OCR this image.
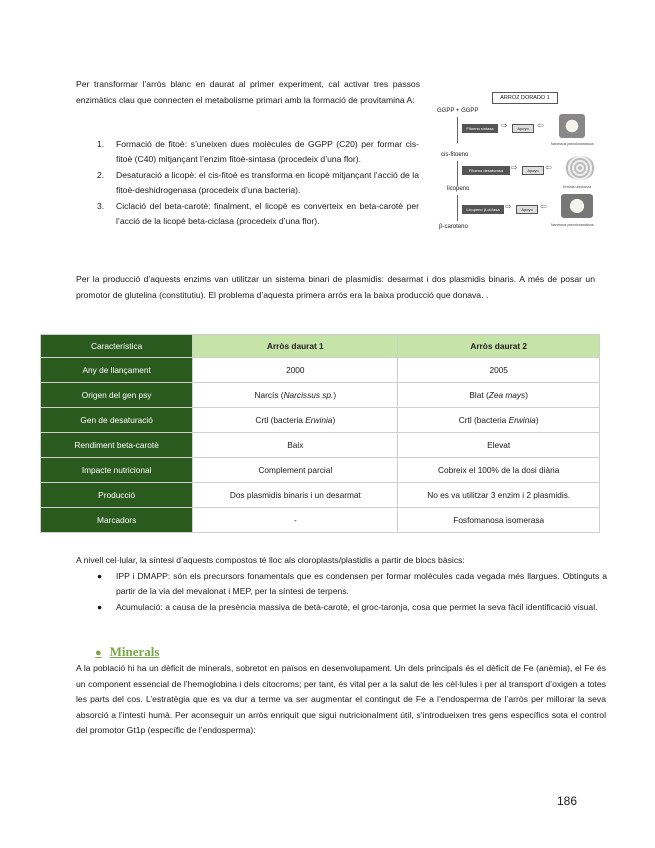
Per transformar l’arròs blanc en daurat al primer experiment, cal activar tres passos enzimàtics clau que connecten el metabolisme primari amb la formació de provitamina A:
1. Formació de fitoè: s’uneixen dues molècules de GGPP (C20) per formar cis-fitoè (C40) mitjançant l’enzim fitoè-sintasa (procedeix d’una flor).
2. Desaturació a licopè: el cis-fitoè es transforma en licopè mitjançant l’acció de la fitoè-deshidrogenasa (procedeix d’una bacteria).
3. Ciclació del beta-carotè: finalment, el licopè es converteix en beta-carotè per l’acció de la licopè beta-ciclasa (procedeix d’una flor).
ARROZ DORADO 1
GGPP + GGPP
Fitoeno sintasa ⇨	Apoyo	⇦
Narcissus pseudonarcissus
cis-fitoeno
Fitoeno desaturasa bacteriana
⇨	Apoyo ⇦
Erwinia uredovora
licopeno
Licopeno β-ciclasa ⇨	Apoyo ⇦
Narcissus pseudonarcissus
β-caroteno
Per la producció d’aquests enzims van utilitzar un sistema binari de plasmidis: desarmat i dos plasmidis binaris. A més de posar un promotor de glutelina (constitutiu). El problema d’aquesta primera arrós era la baixa producció que donava. .
Característica	Arròs daurat 1	Arròs daurat 2
Any de llançament	2000	2005
Origen del gen psy	Narcís (Narcissus sp.)	Blat (Zea mays)
Gen de desaturació	Crtl (bacteria Erwinia)	Crtl (bacteria Erwinia)
Rendiment beta-carotè	Baix	Elevat
Impacte nutricional	Complement parcial	Cobreix el 100% de la dosi diària
Producció	Dos plasmidis binaris i un desarmat	No es va utilitzar 3 enzim i 2 plasmidis.
Marcadors	-	Fosfomanosa isomerasa
A nivell cel·lular, la síntesi d’aquests compostos té lloc als cloroplasts/plastidis a partir de blocs bàsics:
● IPP i DMAPP: són els precursors fonamentals que es condensen per formar molècules cada vegada més llargues. Obtinguts a partir de la via del mevalonat i MEP, per la síntesi de terpens.
● Acumulació: a causa de la presència massiva de betà-carotè, el groc-taronja, cosa que permet la seva fàcil identificació visual.
● Minerals
A la població hi ha un dèficit de minerals, sobretot en països en desenvolupament. Un dels principals és el dèficit de Fe (anèmia), el Fe és un component essencial de l’hemoglobina i dels citocroms; per tant, és vital per a la salut de les cèl·lules i per al transport d’oxigen a totes les parts del cos. L’estratègia que es va dur a terme va ser augmentar el contingut de Fe a l’endosperma de l’arròs per millorar la seva absorció a l’intestí humà. Per aconseguir un arròs enriquit que sigui nutricionalment útil, s’introdueixen tres gens específics sota el control del promotor Gt1p (específic de l’endosperma):
186
